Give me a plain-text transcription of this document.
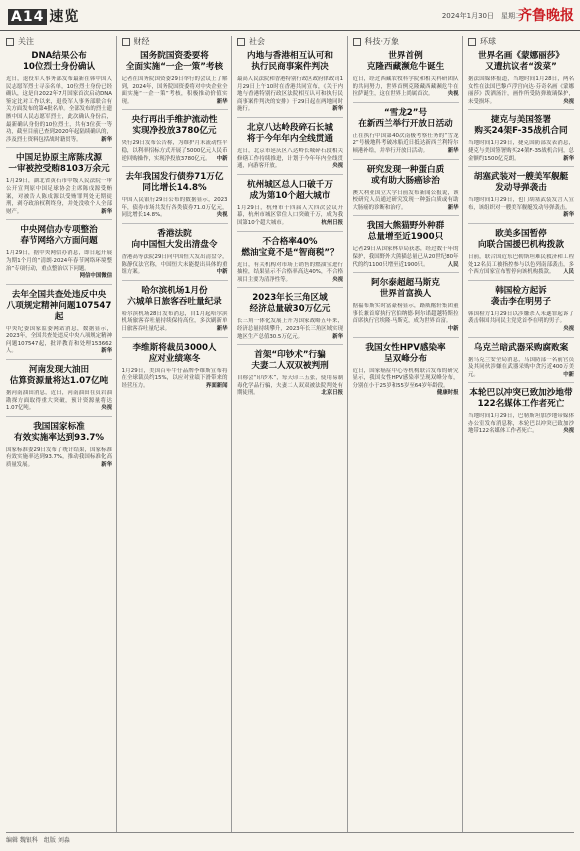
A14 速览	2024年1月30日　星期二
齐鲁晚报
关注
DNA结果公布
10位烈士身份确认
近日，退役军人事务部发布最新在韩中国人民志愿军烈士寻亲名单，10位烈士身份已经确认，这是自2022年7月国家首次启动DNA鉴定比对工作以来，退役军人事务部联合有关方面发布的第4批名单。全部发布的烈士遗骸中国人民志愿军烈士，此次确认身份后，最新确认身份的10位烈士，共有3位获一等功，截至目前已查到2020年起陆续确认的，涉及烈士资料包括战时籍贯等。	新华
中国足协原主席陈戌源
一审被控受贿8103万余元
1月29日，湖北省黄石市中级人民法院一审公开宣判原中国足球协会主席陈戌源受贿案，对被告人陈戌源以受贿罪判处无期徒刑，剥夺政治权利终身，并处没收个人全部财产。	新华
中央网信办专项整治
春节网络六方面问题
1月29日，据中央网信办消息，即日起开展为期1个月的“清朗·2024年春节网络环境整治”专项行动，重点整治以下问题。
网信中国微信
去年全国共查处违反中央
八项规定精神问题107547起
中央纪委国家监委网站消息，数据显示，2023年，全国共查处违反中央八项规定精神问题107547起，批评教育和处理153662人。	新华
河南发现大油田
估算资源量将达1.07亿吨
据河南油田消息，近日，河南油田在页岩油勘探方面取得重大突破，预计资源量将达1.07亿吨。	央视
我国国家标准
有效实施率达到93.7%
国家标准委29日发布了统计结果，国家标准有效实施率达到93.7%，推动我国标准化高质量发展。	新华
财经
国务院国资委要将
全面实施“一企一策”考核
记者在国务院国资委29日举行的会议上了解到，2024年，国务院国资委将对中央企业全面实施“一企一策”考核，积极推动价值实现。	新华
央行再出手维护流动性
实现净投放3780亿元
央行29日发布公告称，为维护月末流动性平稳，以利率招标方式开展了5000亿元人民币逆回购操作，实现净投放3780亿元。 中新
去年我国发行债券71万亿
同比增长14.8%
中国人民银行29日公布的数据显示，2023年，债券市场共发行各类债券71.0万亿元，同比增长14.8%。	央视
香港法院
向中国恒大发出清盘令
香港高等法院29日向中国恒大发出清盘令，陈静仪法官称，中国恒大未能提出具体的重组方案。	中新
哈尔滨机场1月份
六城单日旅客吞吐量纪录
哈尔滨机场28日发布消息，自1月起哈尔滨机场旅客吞吐量持续保持高位，多次刷新单日旅客吞吐量纪录。	新华
李维斯将裁员3000人
应对业绩寒冬
1月29日，美国百年牛仔品牌李维斯宣布将在全球裁员约15%，以应对业绩下滑带来的经营压力。	界面新闻
社会
内地与香港相互认可和
执行民商事案件判决
最高人民法院和香港特别行政区政府律政司1月29日上午10时在香港共同宣布，《关于内地与香港特别行政区法院相互认可和执行民商事案件判决的安排》于29日起在两地同时施行。	新华
北京八达岭段碎石长城
将于今年年内全线贯通
近日，北京市延庆区八达岭长城碎石段相关修缮工作持续推进，计划于今年年内全线贯通，向游客开放。	央视
杭州城区总人口破千万
成为第10个超大城市
1月29日，杭州市十四届人大四次会议开幕，杭州市城区常住人口突破千万，成为我国第10个超大城市。	杭州日报
不合格率40%
燃油宝竟不是“智商税”？
近日，有关机构对市场上销售的燃油宝进行抽检，结果显示不合格率高达40%，不合格项目主要为清净性等。	央视
2023年长三角区域
经济总量破30万亿元
长三角一体化发展上升为国家战略五年来，经济总量持续攀升，2023年长三角区域实现地区生产总值30.5万亿元。	新华
首架“印钞术”行骗
夫妻二人双双被判刑
自称会“印钞术”，每天印三五张，使用易制毒化学品行骗，夫妻二人双双被法院判处有期徒刑。	北京日报
科技·万象
世界首例
克隆西藏濒危牛诞生
近日，经过西藏农牧科学院和相关科研团队的共同努力，世界首例克隆藏西藏濒危牛在拉萨诞生，这在世界上尚属首次。	央视
“雪龙2”号
在新西兰举行开放日活动
正在执行中国第40次南极考察任务的“雪龙2”号极地科考破冰船近日抵达新西兰利特尔顿港补给，并举行开放日活动。	新华
研究发现一种蛋白质
或有助大肠癌诊治
澳大利亚国立大学日前发布新闻公报说，该校研究人员通过研究发现一种蛋白质或有助大肠癌的诊断和治疗。	新华
我国大熊猫野外种群
总量增至近1900只
记者29日从国家林草局获悉，经过数十年的保护，我国野外大熊猫总量已从20世纪80年代的约1100只增至近1900只。	人民
阿尔泰超超马斯克
世界首富换人
据福布斯实时富豪榜显示，路威酩轩集团董事长兼首席执行官伯纳德·阿尔诺超越特斯拉首席执行官埃隆·马斯克，成为世界首富。
中新
我国女性HPV感染率
呈双峰分布
近日，国家癌症中心等机构联合发布的研究显示，我国女性HPV感染率呈现双峰分布，分别在小于25岁和55岁至64岁年龄段。
健康时报
环球
世界名画《蒙娜丽莎》
又遭抗议者“泼菜”
据法国媒体报道，当地时间1月28日，两名女性在法国巴黎卢浮宫向达·芬奇名画《蒙娜丽莎》泼洒汤汁，画作所受防弹玻璃保护，未受损坏。	央视
捷克与美国签署
购买24架F-35战机合同
当地时间1月29日，捷克国防部发表消息，捷克与美国签署购买24架F-35战机合同，总金额约1500亿克朗。	新华
胡塞武装对一艘美军舰艇
发动导弹袭击
当地时间1月29日，也门胡塞武装发言人宣布，该组织对一艘美军舰艇发动导弹袭击。
新华
欧美多国暂停
向联合国援巴机构拨款
日前，联合国近东巴勒斯坦难民救济和工程处12名员工被指控参与以色列南部袭击，多个西方国家宣布暂停向该机构拨款。 人民
韩国检方起诉
袭击李在明男子
韩国检方1月29日以涉嫌杀人未遂罪起诉了袭击韩国共同民主党党首李在明的男子。
央视
乌克兰暗武器采购腐败案
据乌克兰安全局消息，乌国防部一名前官员及其同伙涉嫌在武器采购中贪污近400万美元。	中新
本轮巴以冲突已致加沙地带
122名媒体工作者死亡
当地时间1月29日，巴勒斯坦加沙地带媒体办公室发布消息称，本轮巴以冲突已致加沙地带122名媒体工作者死亡。	央视
编辑 魏银科　组版 刘淼
